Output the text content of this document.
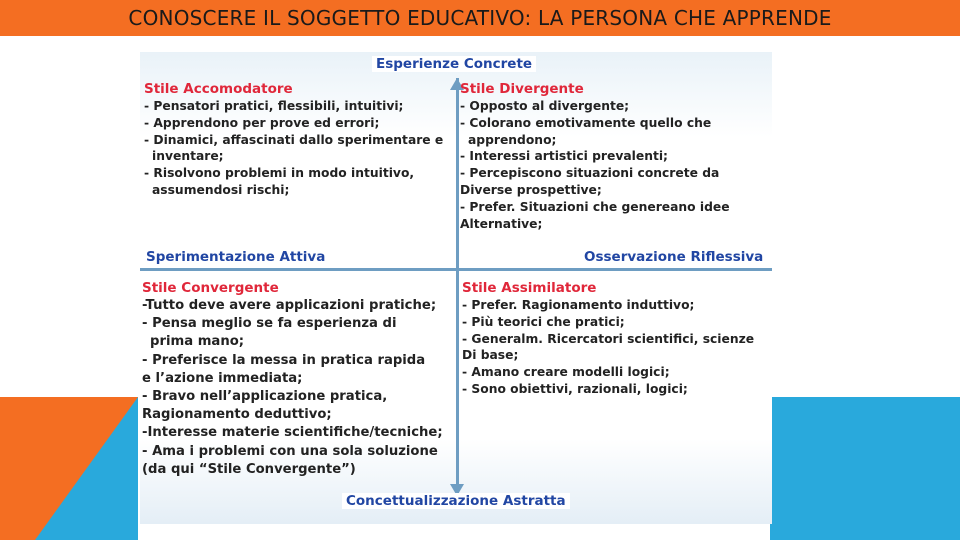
CONOSCERE IL SOGGETTO EDUCATIVO: LA PERSONA CHE APPRENDE
Esperienze Concrete
Concettualizzazione Astratta
Sperimentazione Attiva	Osservazione Riflessiva
Stile Accomodatore
- Pensatori pratici, flessibili, intuitivi;
- Apprendono per prove ed errori;
- Dinamici, affascinati dallo sperimentare e
inventare;
- Risolvono problemi in modo intuitivo,
assumendosi rischi;
Stile Divergente
- Opposto al divergente;
- Colorano emotivamente quello che
apprendono;
- Interessi artistici prevalenti;
- Percepiscono situazioni concrete da
Diverse prospettive;
- Prefer. Situazioni che genereano idee
Alternative;
Stile Convergente
-Tutto deve avere applicazioni pratiche;
- Pensa meglio se fa esperienza di
prima mano;
- Preferisce la messa in pratica rapida
e l’azione immediata;
- Bravo nell’applicazione pratica,
Ragionamento deduttivo;
-Interesse materie scientifiche/tecniche;
- Ama i problemi con una sola soluzione
(da qui “Stile Convergente”)
Stile Assimilatore
- Prefer. Ragionamento induttivo;
- Più teorici che pratici;
- Generalm. Ricercatori scientifici, scienze
Di base;
- Amano creare modelli logici;
- Sono obiettivi, razionali, logici;
